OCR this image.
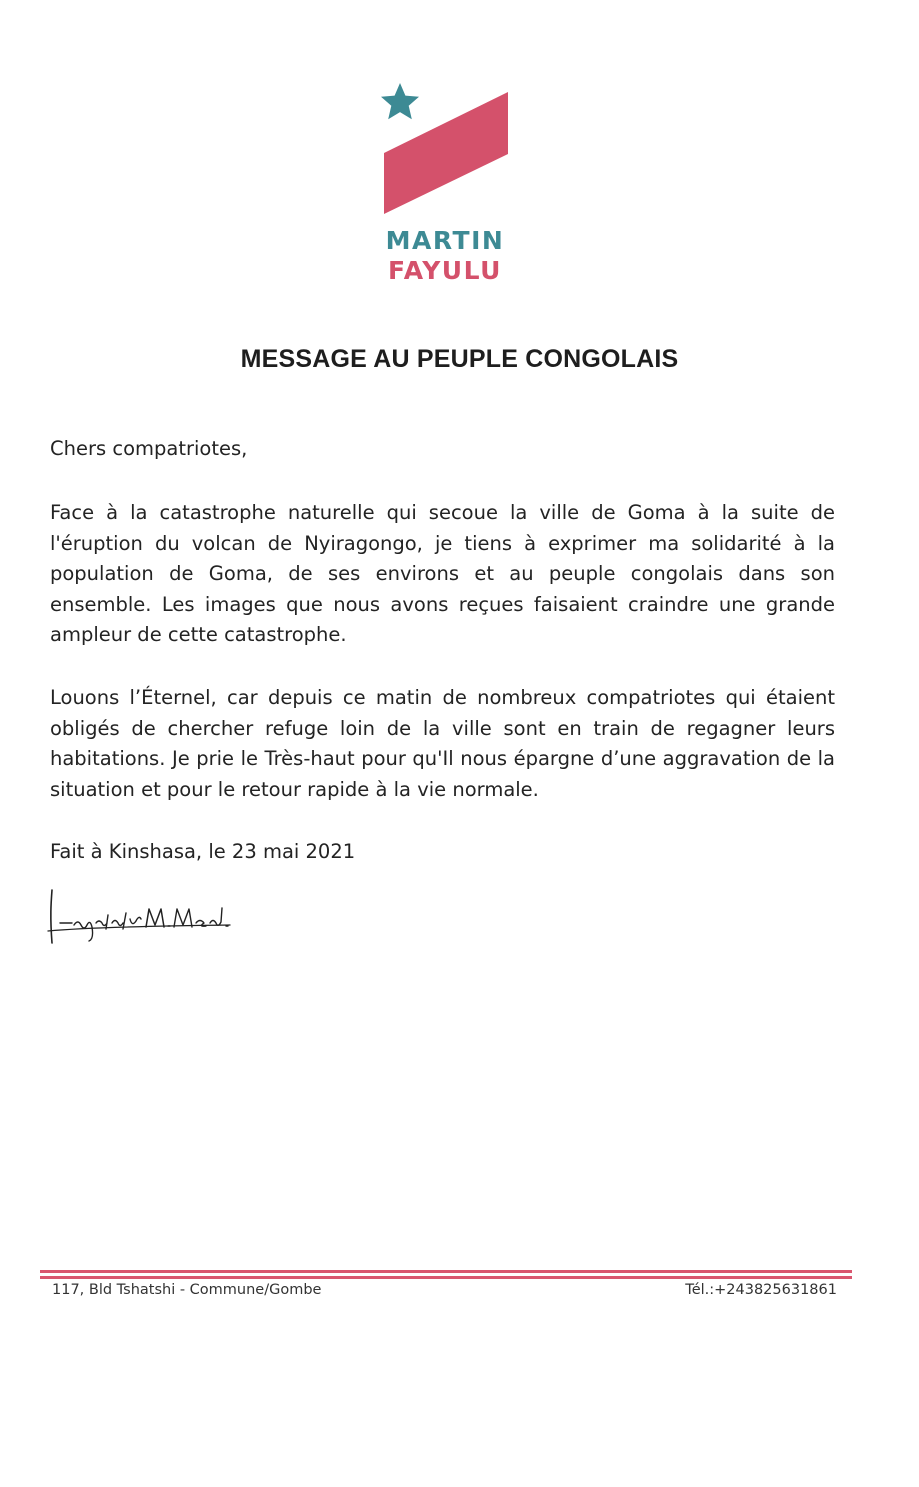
MARTIN
FAYULU
MESSAGE AU PEUPLE CONGOLAIS

Chers compatriotes,

Face à la catastrophe naturelle qui secoue la ville de Goma à la suite de l'éruption du volcan de Nyiragongo, je tiens à exprimer ma solidarité à la population de Goma, de ses environs et au peuple congolais dans son ensemble. Les images que nous avons reçues faisaient craindre une grande ampleur de cette catastrophe.

Louons l’Éternel, car depuis ce matin de nombreux compatriotes qui étaient obligés de chercher refuge loin de la ville sont en train de regagner leurs habitations. Je prie le Très-haut pour qu'Il nous épargne d’une aggravation de la situation et pour le retour rapide à la vie normale.

Fait à Kinshasa, le 23 mai 2021

117, Bld Tshatshi - Commune/Gombe	Tél.:+243825631861
